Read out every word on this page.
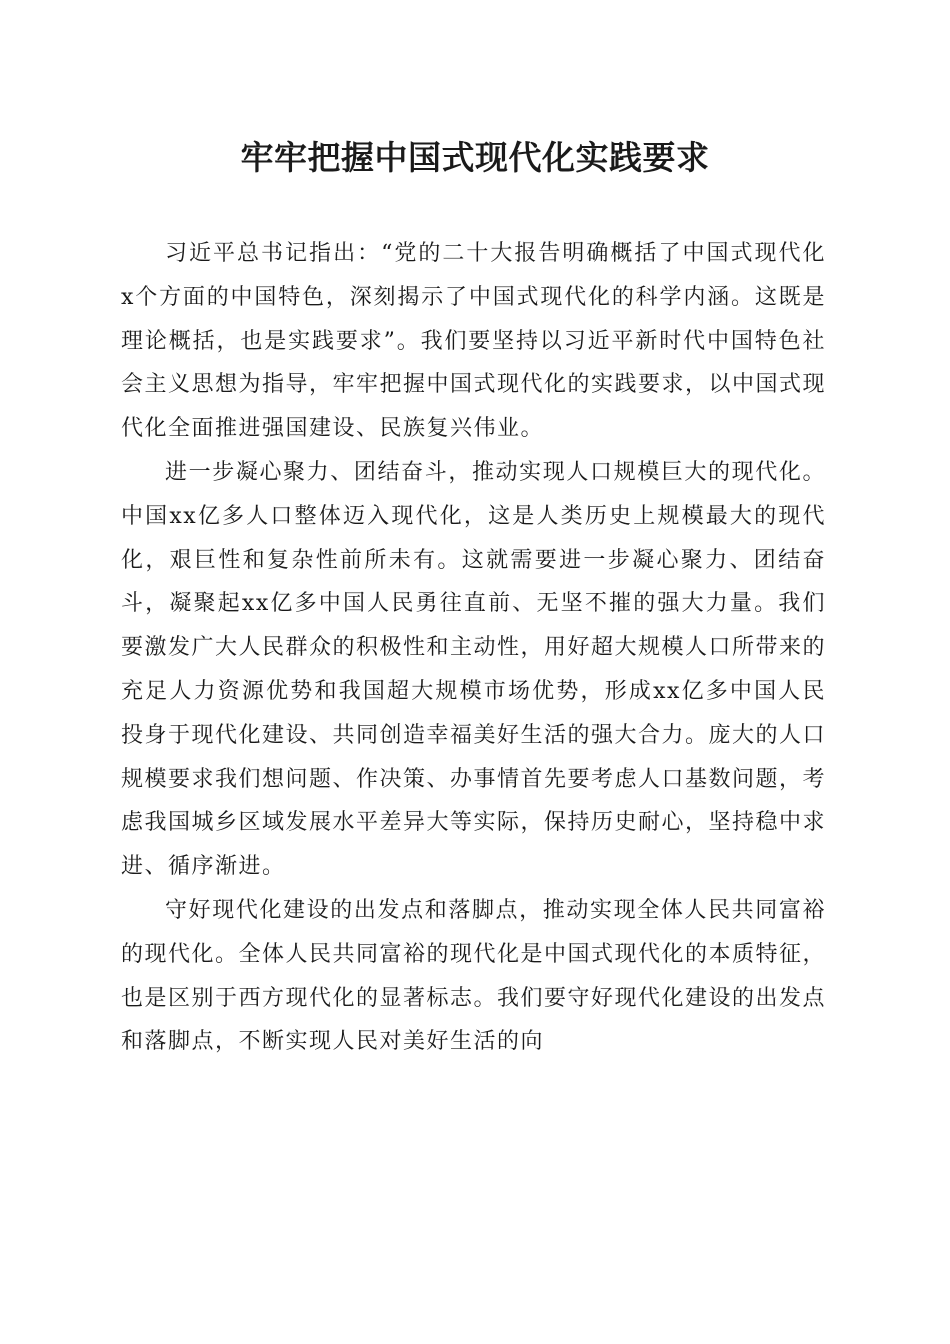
牢牢把握中国式现代化实践要求

习近平总书记指出：“党的二十大报告明确概括了中国式现代化x个方面的中国特色，深刻揭示了中国式现代化的科学内涵。这既是理论概括，也是实践要求”。我们要坚持以习近平新时代中国特色社会主义思想为指导，牢牢把握中国式现代化的实践要求，以中国式现代化全面推进强国建设、民族复兴伟业。

进一步凝心聚力、团结奋斗，推动实现人口规模巨大的现代化。中国xx亿多人口整体迈入现代化，这是人类历史上规模最大的现代化，艰巨性和复杂性前所未有。这就需要进一步凝心聚力、团结奋斗，凝聚起xx亿多中国人民勇往直前、无坚不摧的强大力量。我们要激发广大人民群众的积极性和主动性，用好超大规模人口所带来的充足人力资源优势和我国超大规模市场优势，形成xx亿多中国人民投身于现代化建设、共同创造幸福美好生活的强大合力。庞大的人口规模要求我们想问题、作决策、办事情首先要考虑人口基数问题，考虑我国城乡区域发展水平差异大等实际，保持历史耐心，坚持稳中求进、循序渐进。

守好现代化建设的出发点和落脚点，推动实现全体人民共同富裕的现代化。全体人民共同富裕的现代化是中国式现代化的本质特征，也是区别于西方现代化的显著标志。我们要守好现代化建设的出发点和落脚点，不断实现人民对美好生活的向
